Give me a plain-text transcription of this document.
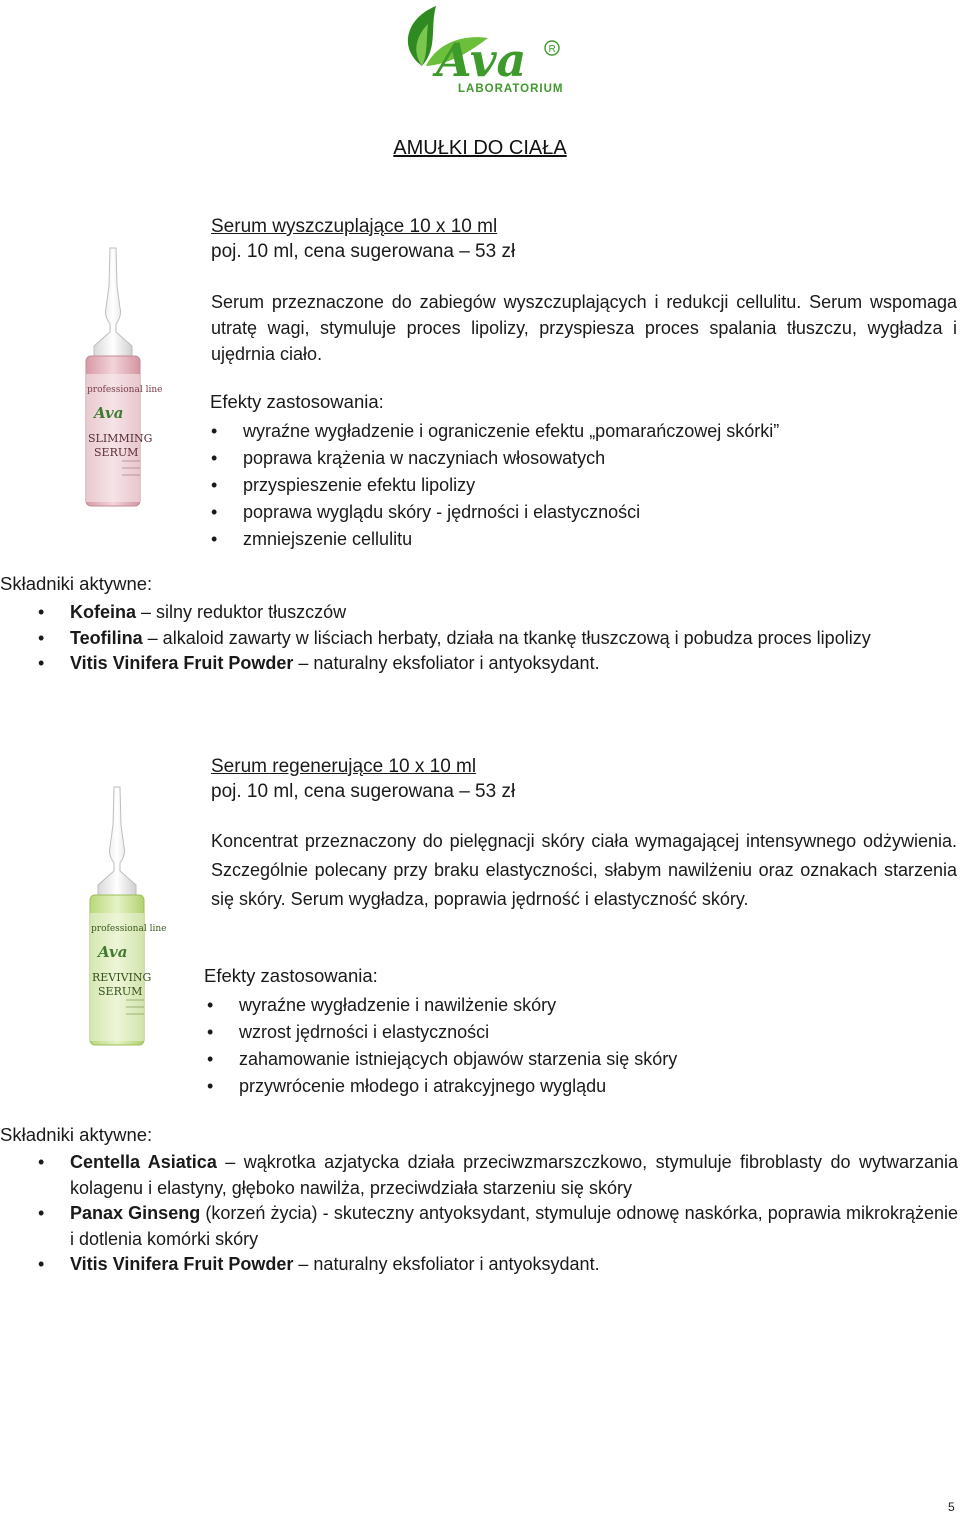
Ava R
LABORATORIUM
AMUŁKI DO CIAŁA
professional line
Ava
SLIMMING
SERUM
Serum wyszczuplające 10 x 10 ml
poj. 10 ml, cena sugerowana – 53 zł
Serum przeznaczone do zabiegów wyszczuplających i redukcji cellulitu. Serum wspomaga utratę wagi, stymuluje proces lipolizy, przyspiesza proces spalania tłuszczu, wygładza i ujędrnia ciało.
Efekty zastosowania:
• wyraźne wygładzenie i ograniczenie efektu „pomarańczowej skórki”
• poprawa krążenia w naczyniach włosowatych
• przyspieszenie efektu lipolizy
• poprawa wyglądu skóry - jędrności i elastyczności
• zmniejszenie cellulitu
Składniki aktywne:
• Kofeina – silny reduktor tłuszczów
• Teofilina – alkaloid zawarty w liściach herbaty, działa na tkankę tłuszczową i pobudza proces lipolizy
• Vitis Vinifera Fruit Powder – naturalny eksfoliator i antyoksydant.
professional line
Ava
REVIVING
SERUM
Serum regenerujące 10 x 10 ml
poj. 10 ml, cena sugerowana – 53 zł
Koncentrat przeznaczony do pielęgnacji skóry ciała wymagającej intensywnego odżywienia. Szczególnie polecany przy braku elastyczności, słabym nawilżeniu oraz oznakach starzenia się skóry. Serum wygładza, poprawia jędrność i elastyczność skóry.
Efekty zastosowania:
• wyraźne wygładzenie i nawilżenie skóry
• wzrost jędrności i elastyczności
• zahamowanie istniejących objawów starzenia się skóry
• przywrócenie młodego i atrakcyjnego wyglądu
Składniki aktywne:
• Centella Asiatica – wąkrotka azjatycka działa przeciwzmarszczkowo, stymuluje fibroblasty do wytwarzania kolagenu i elastyny, głęboko nawilża, przeciwdziała starzeniu się skóry
• Panax Ginseng (korzeń życia) - skuteczny antyoksydant, stymuluje odnowę naskórka, poprawia mikrokrążenie i dotlenia komórki skóry
• Vitis Vinifera Fruit Powder – naturalny eksfoliator i antyoksydant.
5
